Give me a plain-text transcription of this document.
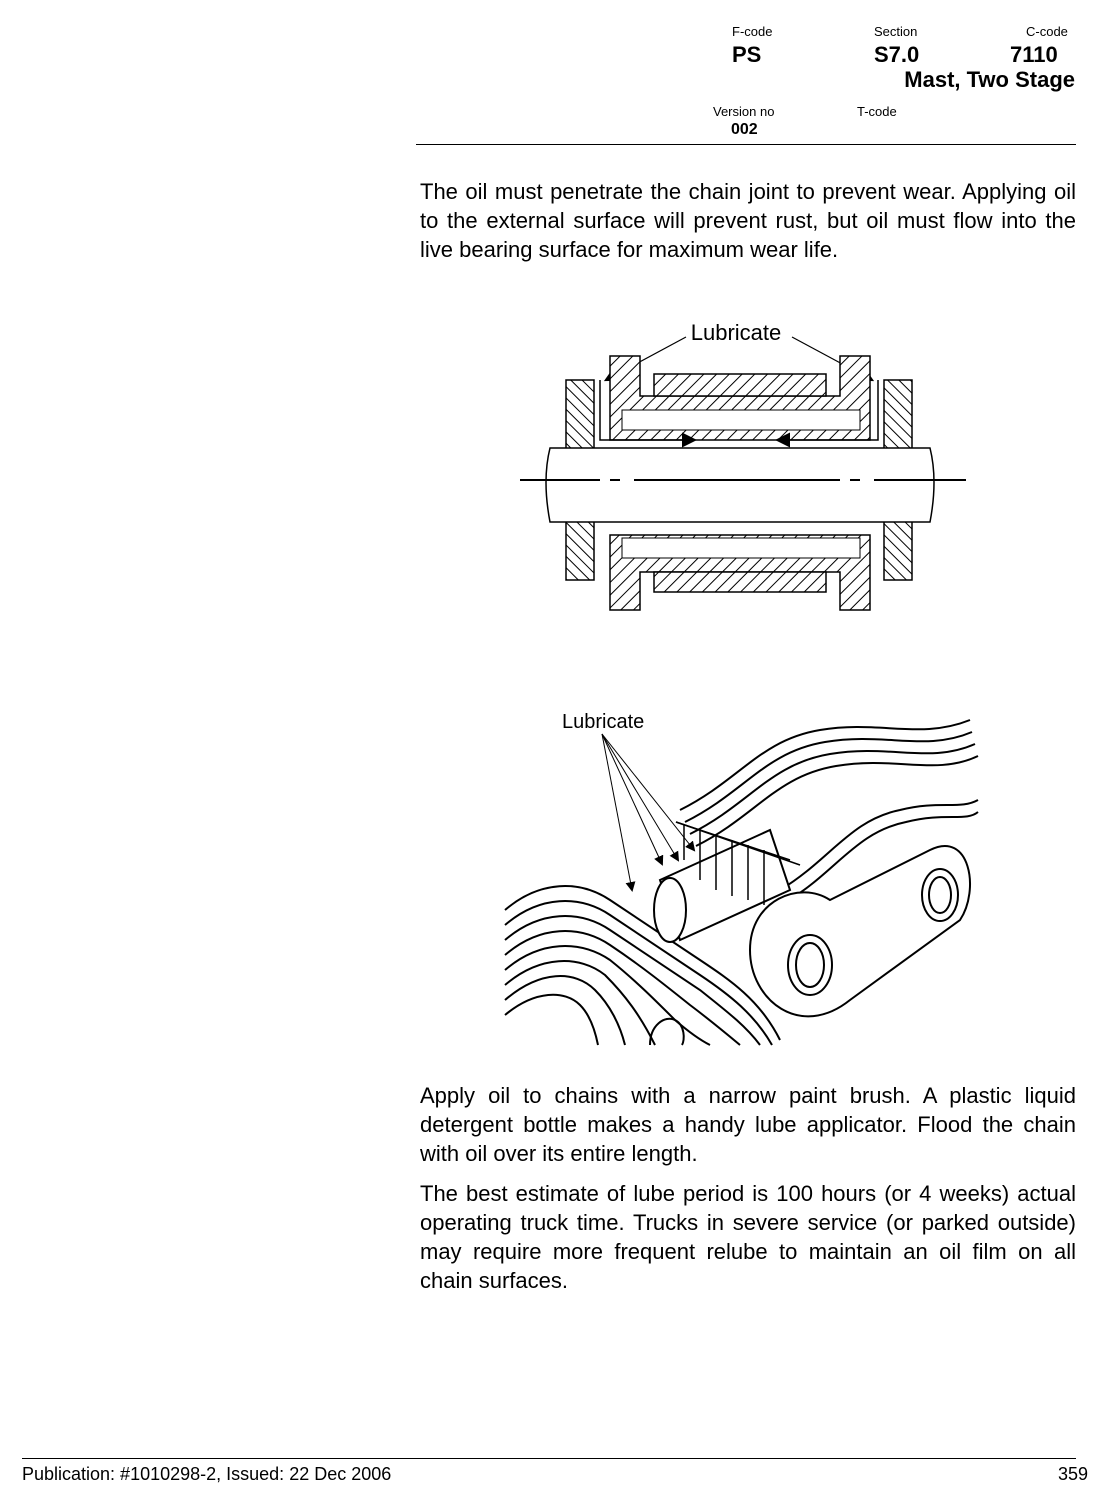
F-code
PS
Section
S7.0
C-code
7110
Mast, Two Stage
Version no
002
T-code

The oil must penetrate the chain joint to prevent wear. Applying oil to the external surface will prevent rust, but oil must flow into the live bearing surface for maximum wear life.

Lubricate
Lubricate

Apply oil to chains with a narrow paint brush. A plastic liquid detergent bottle makes a handy lube applicator. Flood the chain with oil over its entire length.

The best estimate of lube period is 100 hours (or 4 weeks) actual operating truck time. Trucks in severe service (or parked outside) may require more frequent relube to maintain an oil film on all chain surfaces.

Publication: #1010298-2, Issued: 22 Dec 2006	359
